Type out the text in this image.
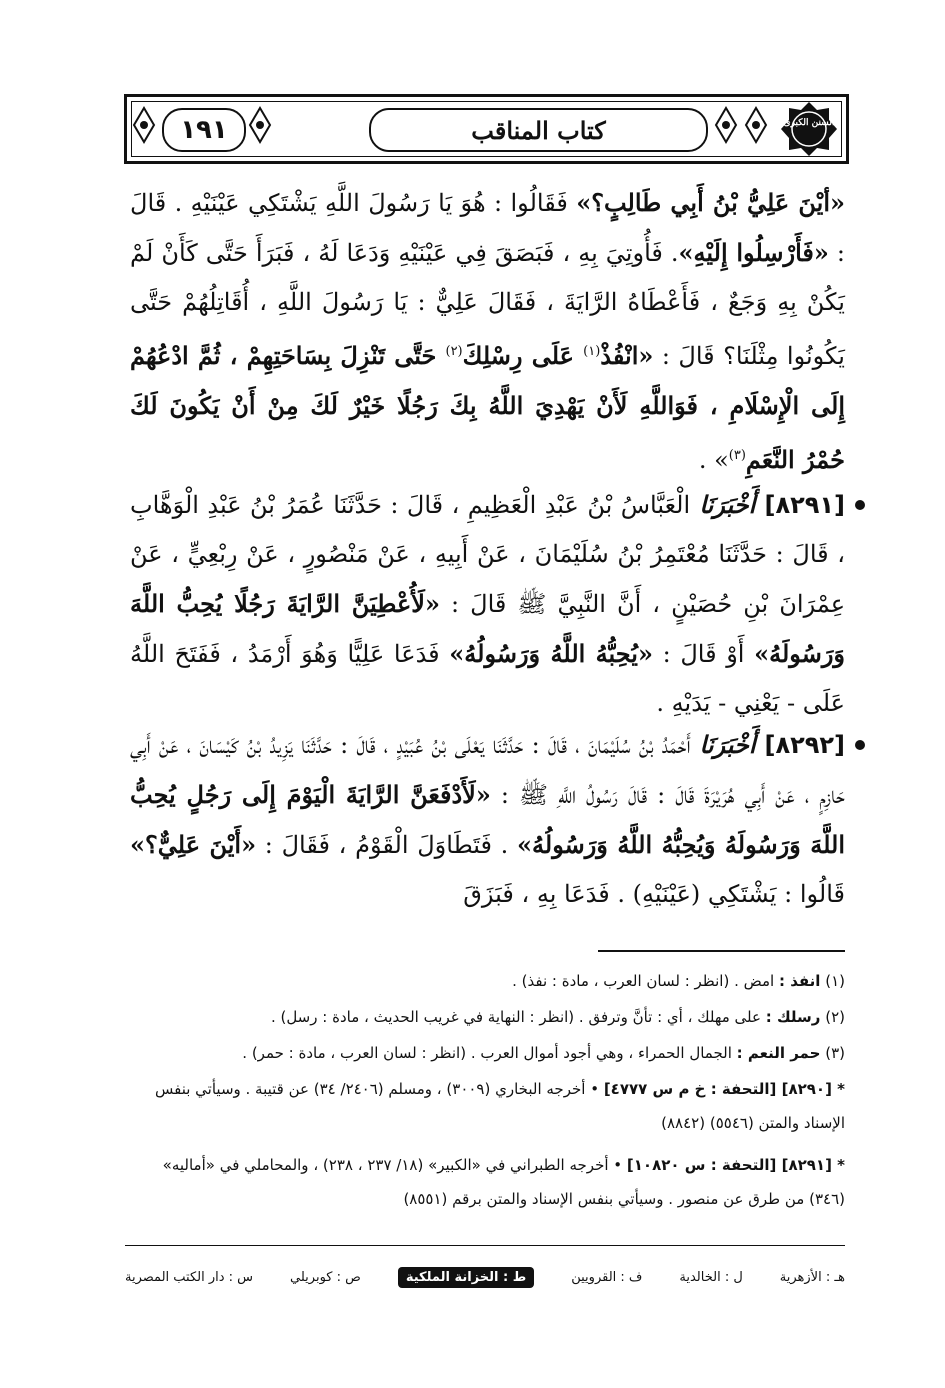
١٩١	كتاب المناقب	السنن الكبرى
«أيْنَ عَلِيُّ بْنُ أَبِي طَالِبٍ؟» فَقَالُوا : هُوَ يَا رَسُولَ اللَّهِ يَشْتَكِي عَيْنَيْهِ . قَالَ : «فَأَرْسِلُوا إِلَيْهِ». فَأُوتِيَ بِهِ ، فَبَصَقَ فِي عَيْنَيْهِ وَدَعَا لَهُ ، فَبَرَأَ حَتَّى كَأَنْ لَمْ يَكُنْ بِهِ وَجَعٌ ، فَأَعْطَاهُ الرَّايَةَ ، فَقَالَ عَلِيٌّ : يَا رَسُولَ اللَّهِ ، أُقَاتِلُهُمْ حَتَّى يَكُونُوا مِثْلَنَا؟ قَالَ : «انْفُذْ$^{(١)}$ عَلَى رِسْلِكَ$^{(٢)}$ حَتَّى تَنْزِلَ بِسَاحَتِهِمْ ، ثُمَّ ادْعُهُمْ إِلَى الْإِسْلَامِ ، فَوَاللَّهِ لَأَنْ يَهْدِيَ اللَّهُ بِكَ رَجُلًا خَيْرٌ لَكَ مِنْ أَنْ يَكُونَ لَكَ حُمْرُ النَّعَمِ$^{(٣)}$» .
[٨٢٩١] أَخْبَرَنَا الْعَبَّاسُ بْنُ عَبْدِ الْعَظِيمِ ، قَالَ : حَدَّثَنَا عُمَرُ بْنُ عَبْدِ الْوَهَّابِ ، قَالَ : حَدَّثَنَا مُعْتَمِرُ بْنُ سُلَيْمَانَ ، عَنْ أَبِيهِ ، عَنْ مَنْصُورٍ ، عَنْ رِبْعِيٍّ ، عَنْ عِمْرَانَ بْنِ حُصَيْنٍ ، أَنَّ النَّبِيَّ ﷺ قَالَ : «لَأُعْطِيَنَّ الرَّايَةَ رَجُلًا يُحِبُّ اللَّهَ وَرَسُولَهُ» أَوْ قَالَ : «يُحِبُّهُ اللَّهُ وَرَسُولُهُ» فَدَعَا عَلِيًّا وَهُوَ أَرْمَدُ ، فَفَتَحَ اللَّهُ عَلَى - يَعْنِي - يَدَيْهِ .
[٨٢٩٢] أَخْبَرَنَا أَحْمَدُ بْنُ سُلَيْمَانَ ، قَالَ : حَدَّثَنَا يَعْلَى بْنُ عُبَيْدٍ ، قَالَ : حَدَّثَنَا يَزِيدُ بْنُ كَيْسَانَ ، عَنْ أَبِي حَازِمٍ ، عَنْ أَبِي هُرَيْرَةَ قَالَ : قَالَ رَسُولُ اللَّهِ ﷺ : «لَأَدْفَعَنَّ الرَّايَةَ الْيَوْمَ إِلَى رَجُلٍ يُحِبُّ اللَّهَ وَرَسُولَهُ وَيُحِبُّهُ اللَّهُ وَرَسُولُهُ» . فَتَطَاوَلَ الْقَوْمُ ، فَقَالَ : «أَيْنَ عَلِيٌّ؟» قَالُوا : يَشْتَكِي (عَيْنَيْهِ) . فَدَعَا بِهِ ، فَبَزَقَ
(١) انفذ : امض . (انظر : لسان العرب ، مادة : نفذ) .
(٢) رسلك : على مهلك ، أي : تأنَّ وترفق . (انظر : النهاية في غريب الحديث ، مادة : رسل) .
(٣) حمر النعم : الجمال الحمراء ، وهي أجود أموال العرب . (انظر : لسان العرب ، مادة : حمر) .
* [٨٢٩٠] [التحفة : خ م س ٤٧٧٧] • أخرجه البخاري (٣٠٠٩) ، ومسلم (٢٤٠٦/ ٣٤) عن قتيبة . وسيأتي بنفس الإسناد والمتن (٥٥٤٦) (٨٨٤٢)
* [٨٢٩١] [التحفة : س ١٠٨٢٠] • أخرجه الطبراني في «الكبير» (١٨/ ٢٣٧ ، ٢٣٨) ، والمحاملي في «أماليه» (٣٤٦) من طرق عن منصور . وسيأتي بنفس الإسناد والمتن برقم (٨٥٥١)
س : دار الكتب المصرية	ص : كوبريلي	ط : الخزانة الملكية	ف : القرويين	ل : الخالدية	هـ : الأزهرية
